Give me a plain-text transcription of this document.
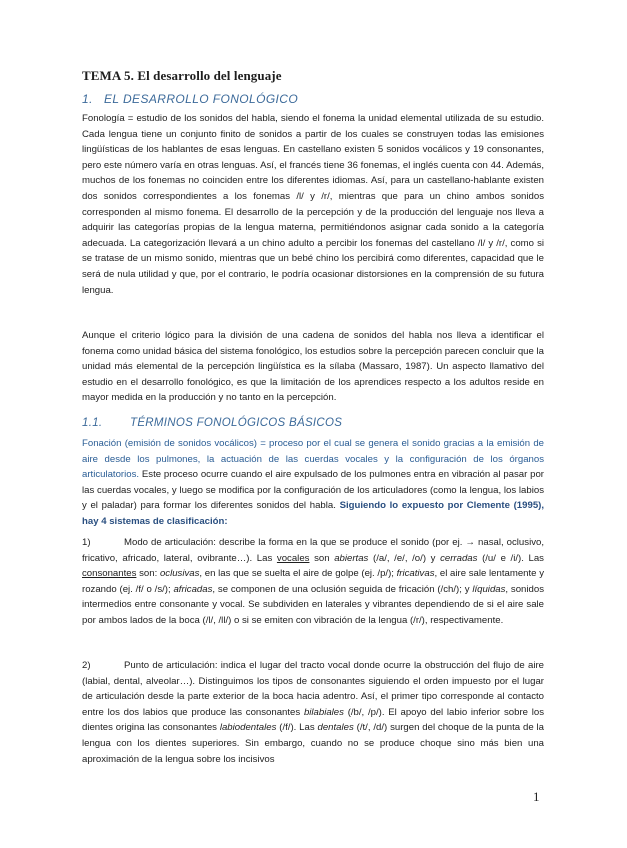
TEMA 5. El desarrollo del lenguaje
1. EL DESARROLLO FONOLÓGICO

Fonología = estudio de los sonidos del habla, siendo el fonema la unidad elemental utilizada de su estudio. Cada lengua tiene un conjunto finito de sonidos a partir de los cuales se construyen todas las emisiones lingüísticas de los hablantes de esas lenguas. En castellano existen 5 sonidos vocálicos y 19 consonantes, pero este número varía en otras lenguas. Así, el francés tiene 36 fonemas, el inglés cuenta con 44. Además, muchos de los fonemas no coinciden entre los diferentes idiomas. Así, para un castellano-hablante existen dos sonidos correspondientes a los fonemas /l/ y /r/, mientras que para un chino ambos sonidos corresponden al mismo fonema. El desarrollo de la percepción y de la producción del lenguaje nos lleva a adquirir las categorías propias de la lengua materna, permitiéndonos asignar cada sonido a la categoría adecuada. La categorización llevará a un chino adulto a percibir los fonemas del castellano /l/ y /r/, como si se tratase de un mismo sonido, mientras que un bebé chino los percibirá como diferentes, capacidad que le será de nula utilidad y que, por el contrario, le podría ocasionar distorsiones en la comprensión de su futura lengua.

Aunque el criterio lógico para la división de una cadena de sonidos del habla nos lleva a identificar el fonema como unidad básica del sistema fonológico, los estudios sobre la percepción parecen concluir que la unidad más elemental de la percepción lingüística es la sílaba (Massaro, 1987). Un aspecto llamativo del estudio en el desarrollo fonológico, es que la limitación de los aprendices respecto a los adultos reside en mayor medida en la producción y no tanto en la percepción.

1.1. TÉRMINOS FONOLÓGICOS BÁSICOS

Fonación (emisión de sonidos vocálicos) = proceso por el cual se genera el sonido gracias a la emisión de aire desde los pulmones, la actuación de las cuerdas vocales y la configuración de los órganos articulatorios. Este proceso ocurre cuando el aire expulsado de los pulmones entra en vibración al pasar por las cuerdas vocales, y luego se modifica por la configuración de los articuladores (como la lengua, los labios y el paladar) para formar los diferentes sonidos del habla. Siguiendo lo expuesto por Clemente (1995), hay 4 sistemas de clasificación:

1)	Modo de articulación: describe la forma en la que se produce el sonido (por ej. → nasal, oclusivo, fricativo, africado, lateral, ovibrante…). Las vocales son abiertas (/a/, /e/, /o/) y cerradas (/u/ e /i/). Las consonantes son: oclusivas, en las que se suelta el aire de golpe (ej. /p/); fricativas, el aire sale lentamente y rozando (ej. /f/ o /s/); africadas, se componen de una oclusión seguida de fricación (/ch/); y líquidas, sonidos intermedios entre consonante y vocal. Se subdividen en laterales y vibrantes dependiendo de si el aire sale por ambos lados de la boca (/l/, /ll/) o si se emiten con vibración de la lengua (/r/), respectivamente.

2)	Punto de articulación: indica el lugar del tracto vocal donde ocurre la obstrucción del flujo de aire (labial, dental, alveolar…). Distinguimos los tipos de consonantes siguiendo el orden impuesto por el lugar de articulación desde la parte exterior de la boca hacia adentro. Así, el primer tipo corresponde al contacto entre los dos labios que produce las consonantes bilabiales (/b/, /p/). El apoyo del labio inferior sobre los dientes origina las consonantes labiodentales (/f/). Las dentales (/t/, /d/) surgen del choque de la punta de la lengua con los dientes superiores. Sin embargo, cuando no se produce choque sino más bien una aproximación de la lengua sobre los incisivos

1
